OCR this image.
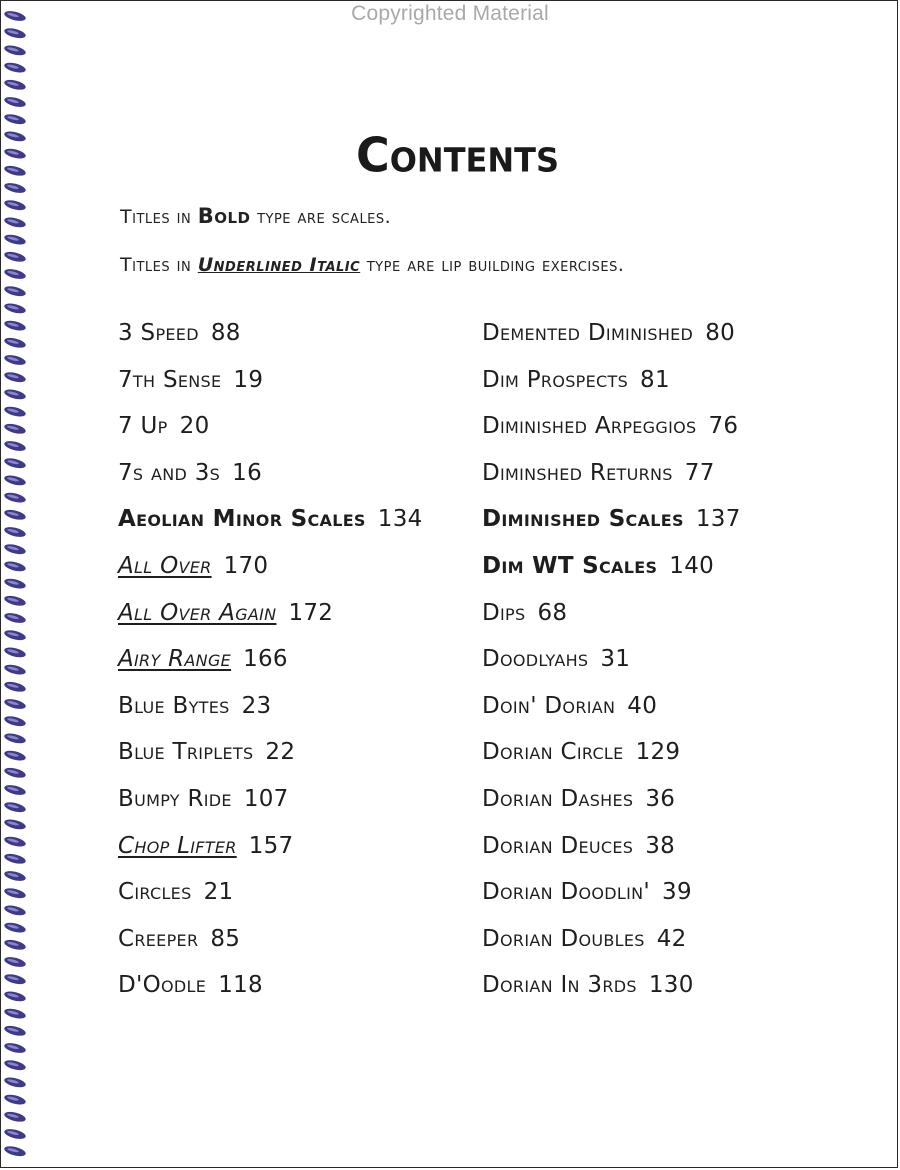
Copyrighted Material
Contents
Titles in Bold type are scales.
Titles in Underlined Italic type are lip building exercises.
3 Speed 88
7th Sense 19
7 Up 20
7s and 3s 16
Aeolian Minor Scales 134
All Over 170
All Over Again 172
Airy Range 166
Blue Bytes 23
Blue Triplets 22
Bumpy Ride 107
Chop Lifter 157
Circles 21
Creeper 85
D'Oodle 118
Demented Diminished 80
Dim Prospects 81
Diminished Arpeggios 76
Diminshed Returns 77
Diminished Scales 137
Dim WT Scales 140
Dips 68
Doodlyahs 31
Doin' Dorian 40
Dorian Circle 129
Dorian Dashes 36
Dorian Deuces 38
Dorian Doodlin' 39
Dorian Doubles 42
Dorian In 3rds 130
